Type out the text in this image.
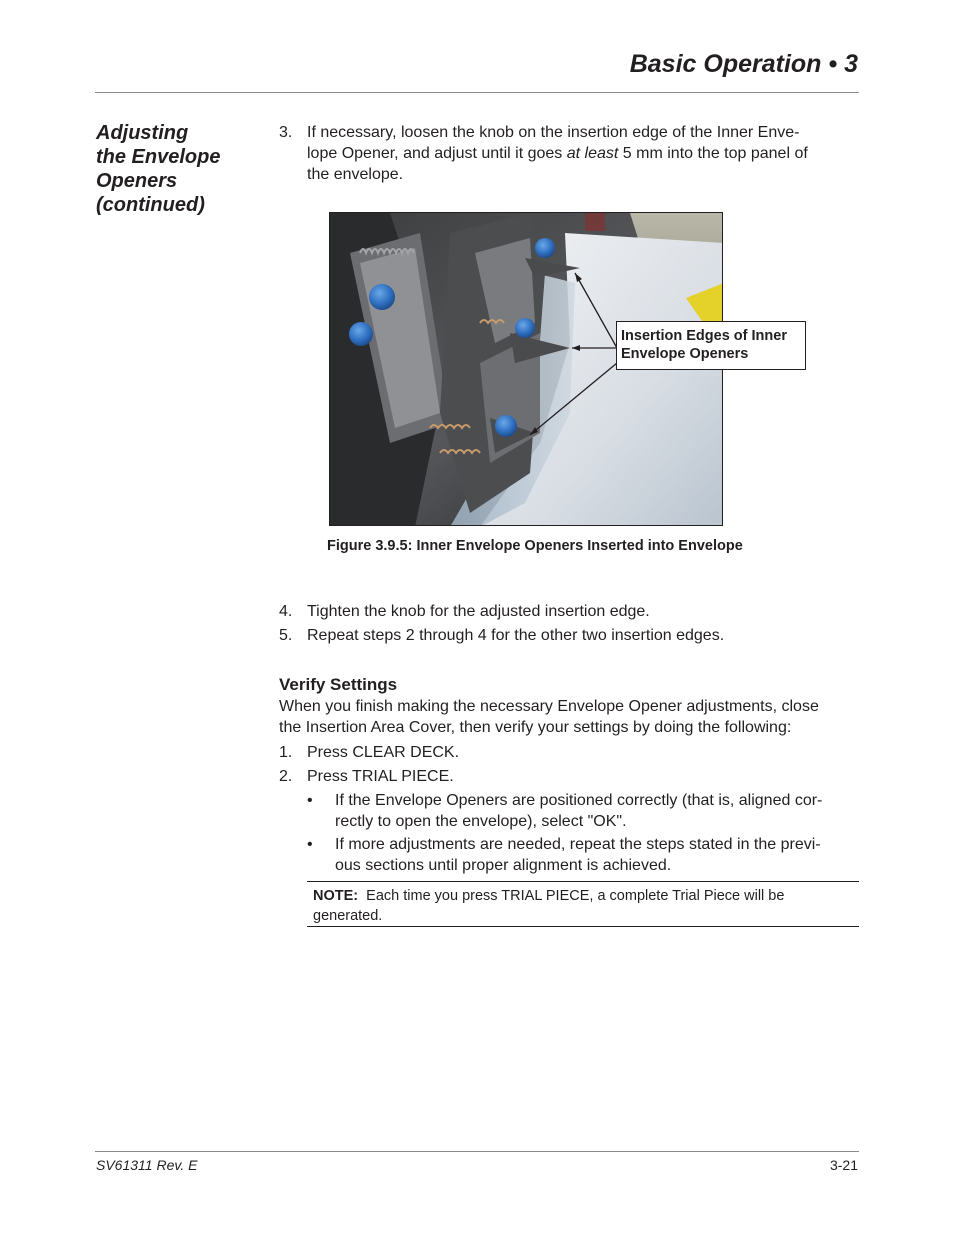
Basic Operation • 3
Adjusting
the Envelope
Openers
(continued)
3. If necessary, loosen the knob on the insertion edge of the Inner Enve-
lope Opener, and adjust until it goes at least 5 mm into the top panel of
the envelope.
Insertion Edges of Inner
Envelope Openers
Figure 3.9.5: Inner Envelope Openers Inserted into Envelope
4. Tighten the knob for the adjusted insertion edge.
5. Repeat steps 2 through 4 for the other two insertion edges.
Verify Settings
When you finish making the necessary Envelope Opener adjustments, close
the Insertion Area Cover, then verify your settings by doing the following:
1. Press CLEAR DECK.
2. Press TRIAL PIECE.
• If the Envelope Openers are positioned correctly (that is, aligned cor-
rectly to open the envelope), select "OK".
• If more adjustments are needed, repeat the steps stated in the previ-
ous sections until proper alignment is achieved.
NOTE: Each time you press TRIAL PIECE, a complete Trial Piece will be
generated.
SV61311 Rev. E	3-21
